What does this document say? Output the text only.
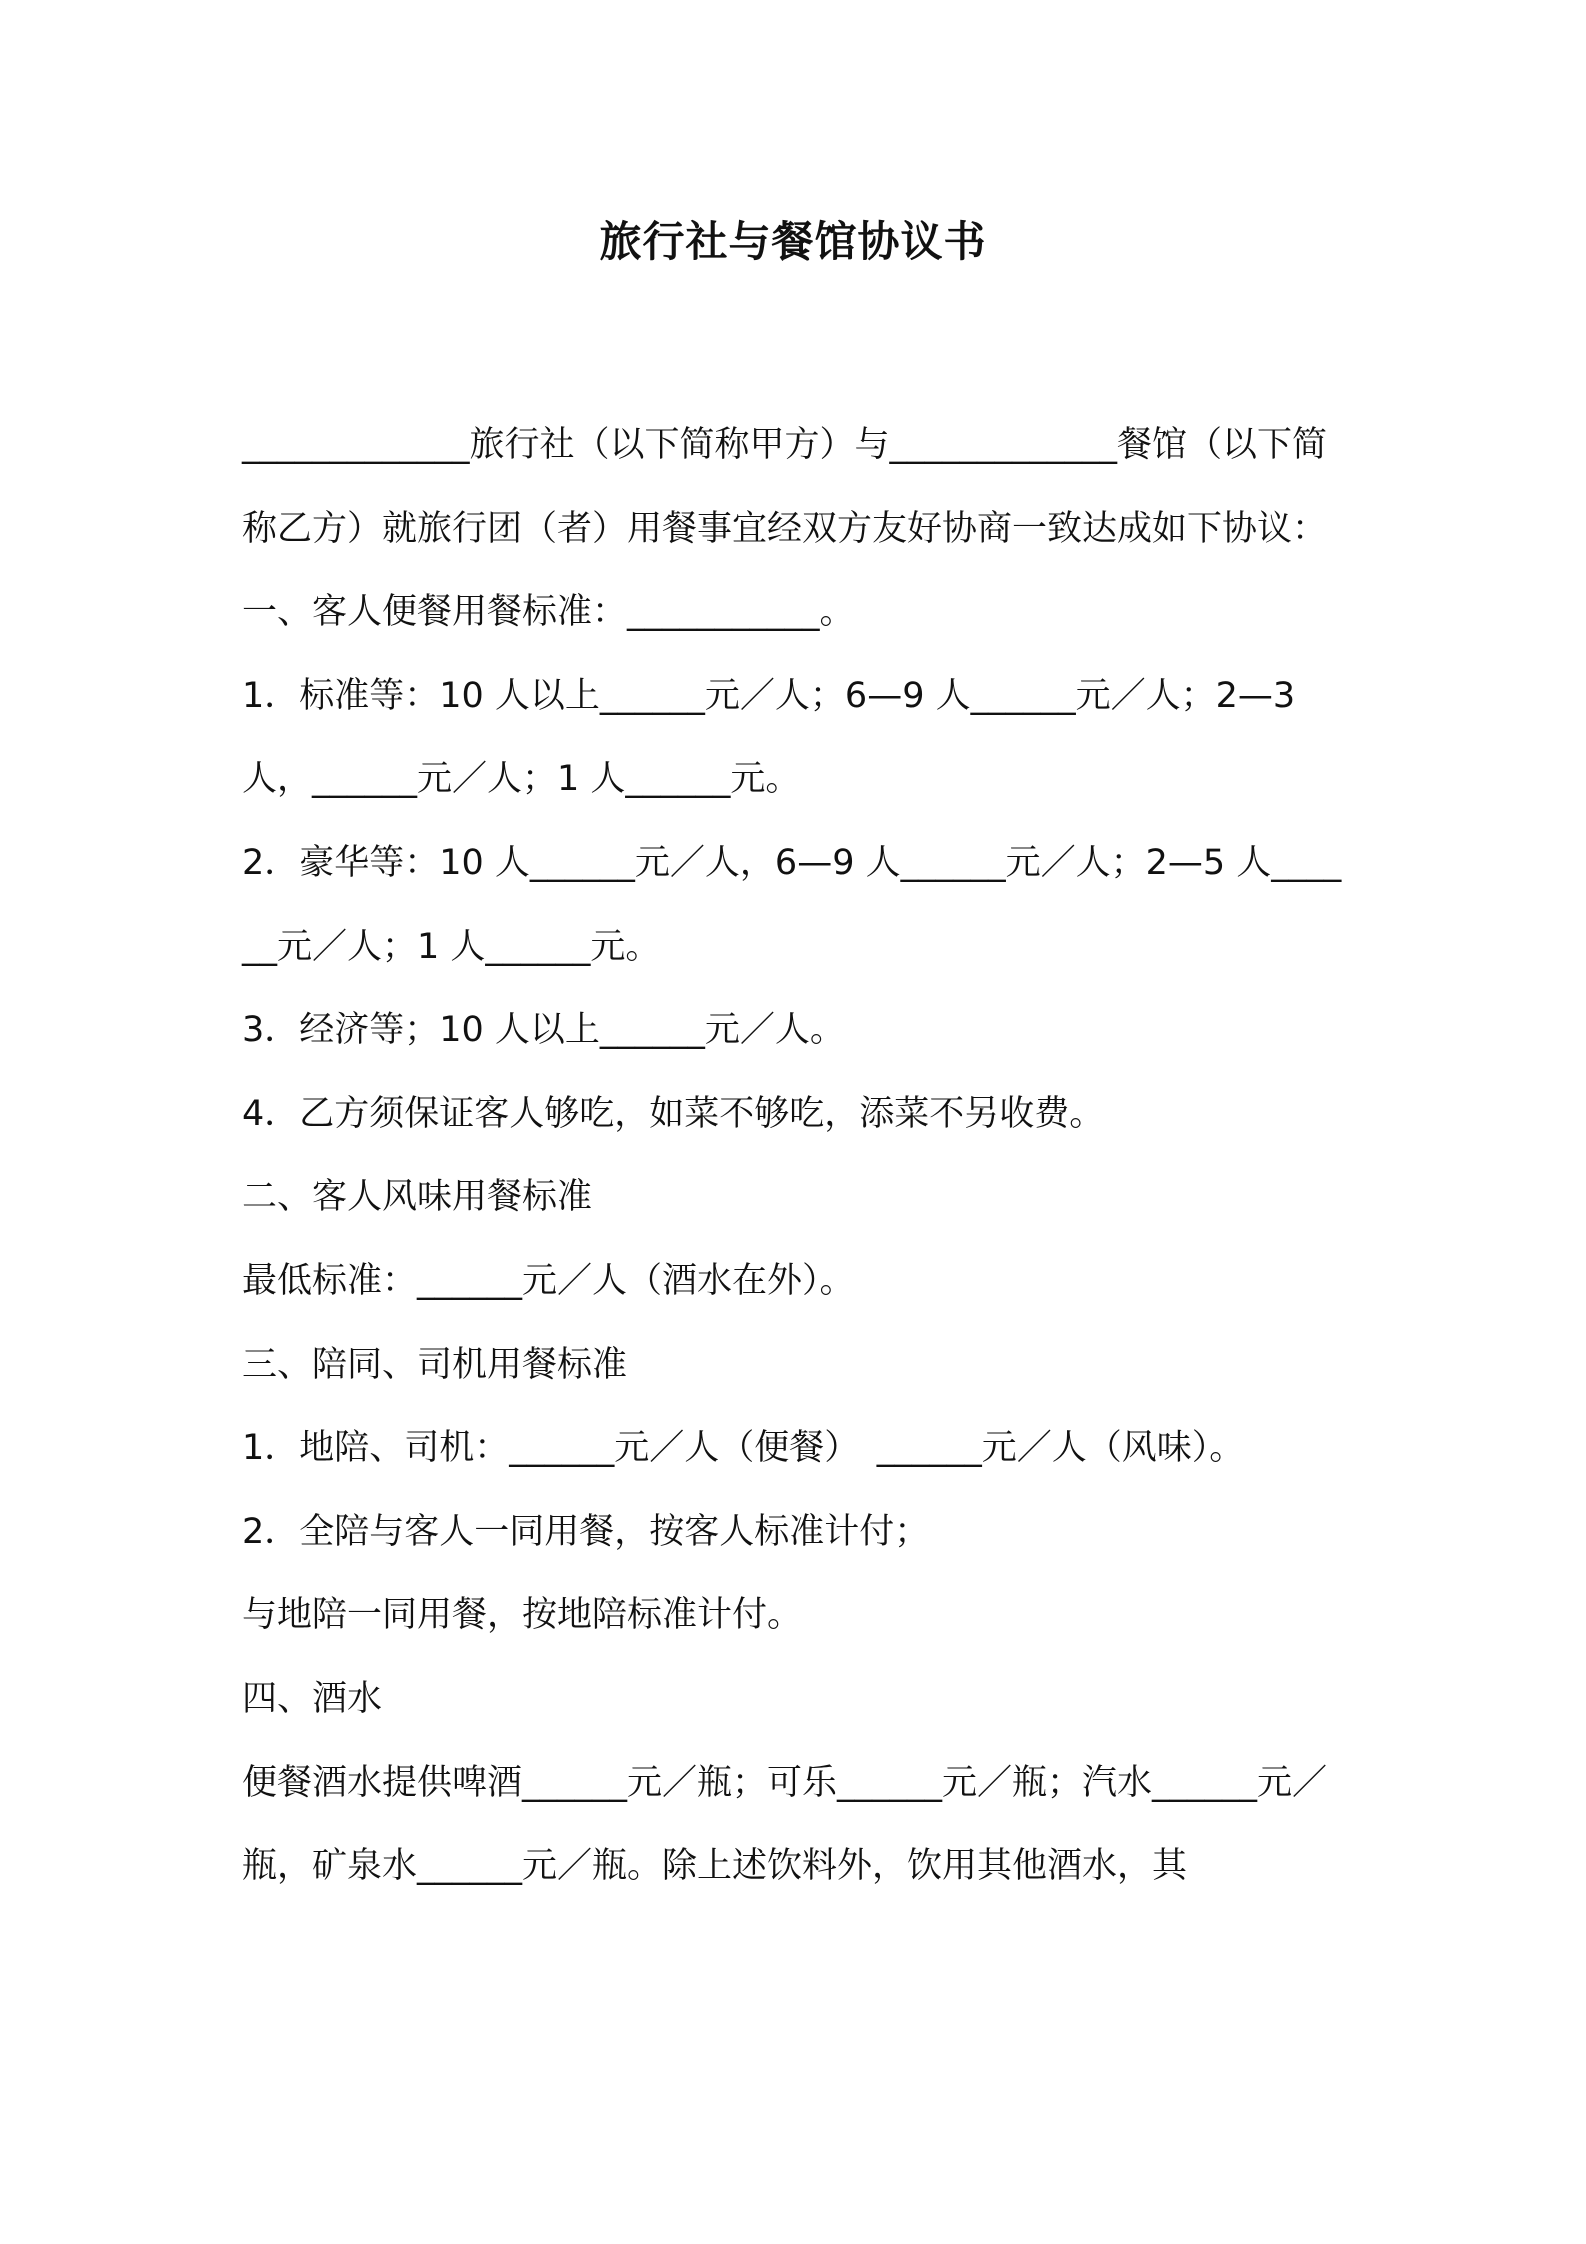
旅行社与餐馆协议书

_____________旅行社（以下简称甲方）与_____________餐馆（以下简称乙方）就旅行团（者）用餐事宜经双方友好协商一致达成如下协议：

一、客人便餐用餐标准：___________。

1．标准等：10 人以上______元／人；6—9 人______元／人；2—3人，______元／人；1 人______元。

2．豪华等：10 人______元／人，6—9 人______元／人；2—5 人______元／人；1 人______元。

3．经济等；10 人以上______元／人。

4．乙方须保证客人够吃，如菜不够吃，添菜不另收费。

二、客人风味用餐标准

最低标准：______元／人（酒水在外）。

三、陪同、司机用餐标准

1．地陪、司机：______元／人（便餐）　______元／人（风味）。

2．全陪与客人一同用餐，按客人标准计付；

与地陪一同用餐，按地陪标准计付。

四、酒水

便餐酒水提供啤酒______元／瓶；可乐______元／瓶；汽水______元／瓶，矿泉水______元／瓶。除上述饮料外，饮用其他酒水，其
